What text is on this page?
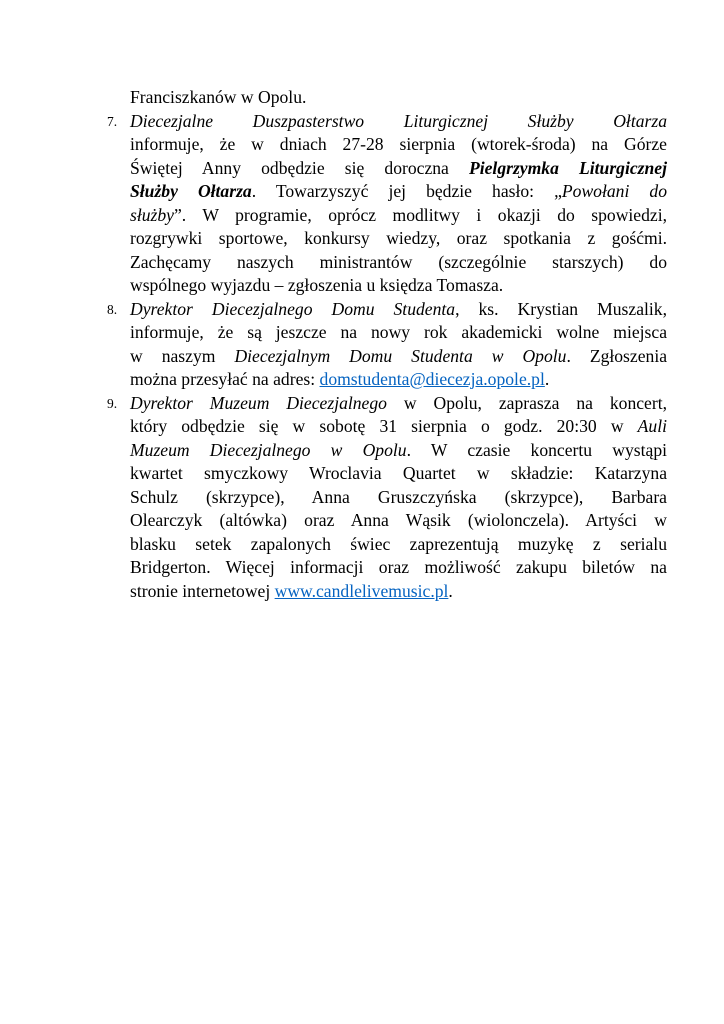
Franciszkanów w Opolu.
7. Diecezjalne Duszpasterstwo Liturgicznej Służby Ołtarza
informuje, że w dniach 27-28 sierpnia (wtorek-środa) na Górze
Świętej Anny odbędzie się doroczna Pielgrzymka Liturgicznej
Służby Ołtarza. Towarzyszyć jej będzie hasło: „Powołani do
służby”. W programie, oprócz modlitwy i okazji do spowiedzi,
rozgrywki sportowe, konkursy wiedzy, oraz spotkania z gośćmi.
Zachęcamy naszych ministrantów (szczególnie starszych) do
wspólnego wyjazdu – zgłoszenia u księdza Tomasza.
8. Dyrektor Diecezjalnego Domu Studenta, ks. Krystian Muszalik,
informuje, że są jeszcze na nowy rok akademicki wolne miejsca
w naszym Diecezjalnym Domu Studenta w Opolu. Zgłoszenia
można przesyłać na adres: domstudenta@diecezja.opole.pl.
9. Dyrektor Muzeum Diecezjalnego w Opolu, zaprasza na koncert,
który odbędzie się w sobotę 31 sierpnia o godz. 20:30 w Auli
Muzeum Diecezjalnego w Opolu. W czasie koncertu wystąpi
kwartet smyczkowy Wroclavia Quartet w składzie: Katarzyna
Schulz (skrzypce), Anna Gruszczyńska (skrzypce), Barbara
Olearczyk (altówka) oraz Anna Wąsik (wiolonczela). Artyści w
blasku setek zapalonych świec zaprezentują muzykę z serialu
Bridgerton. Więcej informacji oraz możliwość zakupu biletów na
stronie internetowej www.candlelivemusic.pl.
